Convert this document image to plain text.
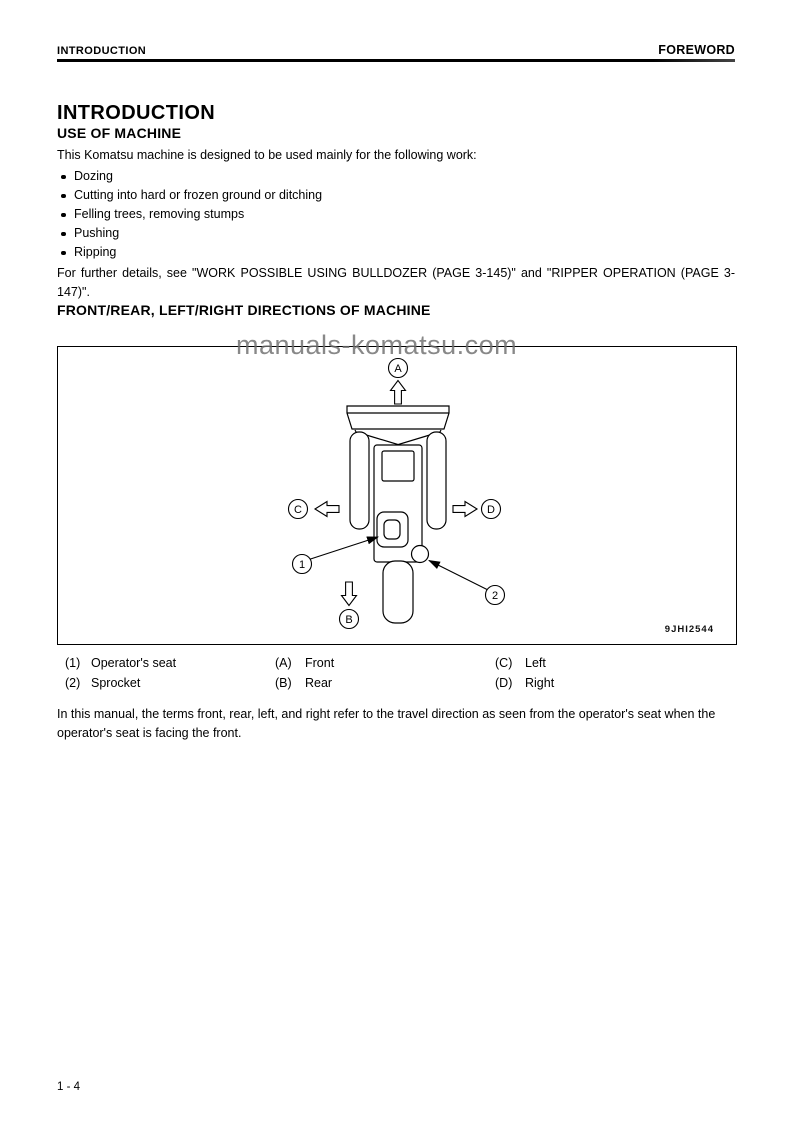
INTRODUCTION	FOREWORD
INTRODUCTION
USE OF MACHINE

This Komatsu machine is designed to be used mainly for the following work:

Dozing
Cutting into hard or frozen ground or ditching
Felling trees, removing stumps
Pushing
Ripping

For further details, see "WORK POSSIBLE USING BULLDOZER (PAGE 3-145)" and "RIPPER OPERATION (PAGE 3-147)".

FRONT/REAR, LEFT/RIGHT DIRECTIONS OF MACHINE
A
B
C	D
1
2
9JHI2544
(1) Operator's seat	(A)	Front	(C)	Left
(2) Sprocket	(B)	Rear	(D)	Right

In this manual, the terms front, rear, left, and right refer to the travel direction as seen from the operator's seat when the operator's seat is facing the front.

manuals-komatsu.com
1 - 4
